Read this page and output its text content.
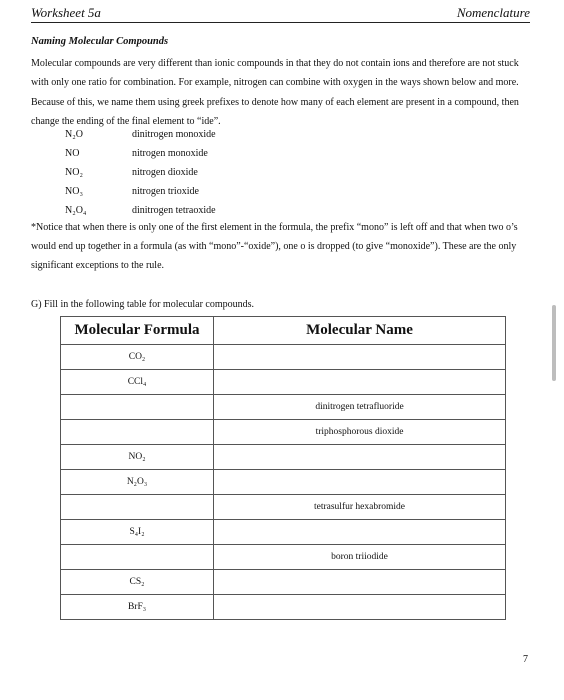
Worksheet 5a	Nomenclature
Naming Molecular Compounds
Molecular compounds are very different than ionic compounds in that they do not contain ions and therefore are not stuck with only one ratio for combination. For example, nitrogen can combine with oxygen in the ways shown below and more. Because of this, we name them using greek prefixes to denote how many of each element are present in a compound, then change the ending of the final element to “ide”.
N₂O	dinitrogen monoxide
NO	nitrogen monoxide
NO₂	nitrogen dioxide
NO₃	nitrogen trioxide
N₂O₄	dinitrogen tetraoxide
*Notice that when there is only one of the first element in the formula, the prefix “mono” is left off and that when two o’s would end up together in a formula (as with “mono”-“oxide”), one o is dropped (to give “monoxide”). These are the only significant exceptions to the rule.
G) Fill in the following table for molecular compounds.
Molecular Formula	Molecular Name
CO₂	
CCl₄	
	dinitrogen tetrafluoride
	triphosphorous dioxide
NO₂	
N₂O₃	
	tetrasulfur hexabromide
S₄I₂	
	boron triiodide
CS₂	
BrF₃	
7
